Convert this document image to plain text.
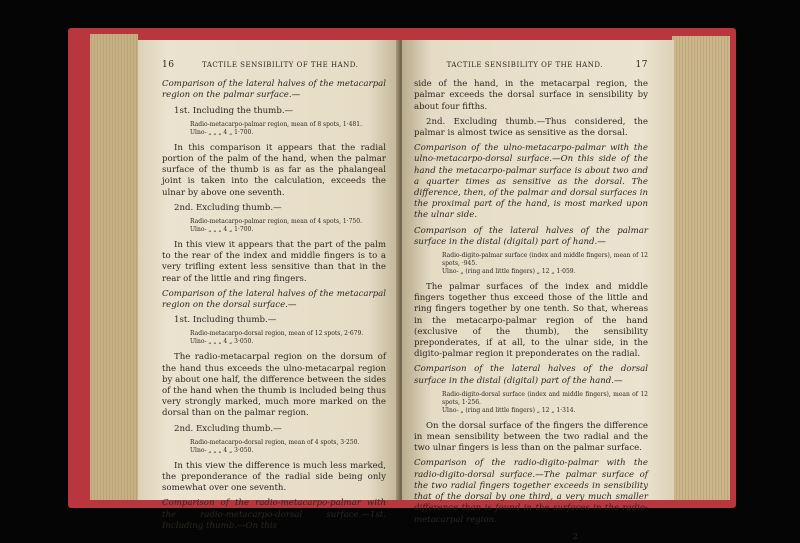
16	TACTILE SENSIBILITY OF THE HAND.

Comparison of the lateral halves of the metacarpal region on the palmar surface.—

1st. Including the thumb.—

Radio-metacarpo-palmar region, mean of 8 spots, 1·481.
Ulno- „ „ „ 4 „ 1·700.

In this comparison it appears that the radial portion of the palm of the hand, when the palmar surface of the thumb is as far as the phalangeal joint is taken into the calculation, exceeds the ulnar by above one seventh.

2nd. Excluding thumb.—

Radio-metacarpo-palmar region, mean of 4 spots, 1·750.
Ulno- „ „ „ 4 „ 1·700.

In this view it appears that the part of the palm to the rear of the index and middle fingers is to a very trifling extent less sensitive than that in the rear of the little and ring fingers.

Comparison of the lateral halves of the metacarpal region on the dorsal surface.—

1st. Including thumb.—

Radio-metacarpo-dorsal region, mean of 12 spots, 2·679.
Ulno- „ „ „ 4 „ 3·050.

The radio-metacarpal region on the dorsum of the hand thus exceeds the ulno-metacarpal region by about one half, the difference between the sides of the hand when the thumb is included being thus very strongly marked, much more marked on the dorsal than on the palmar region.

2nd. Excluding thumb.—

Radio-metacarpo-dorsal region, mean of 4 spots, 3·250.
Ulno- „ „ „ 4 „ 3·050.

In this view the difference is much less marked, the preponderance of the radial side being only somewhat over one seventh.

Comparison of the radio-metacarpo-palmar with the radio-metacarpo-dorsal surface.—1st. Including thumb.—On this

TACTILE SENSIBILITY OF THE HAND.	17

side of the hand, in the metacarpal region, the palmar exceeds the dorsal surface in sensibility by about four fifths.

2nd. Excluding thumb.—Thus considered, the palmar is almost twice as sensitive as the dorsal.

Comparison of the ulno-metacarpo-palmar with the ulno-metacarpo-dorsal surface.—On this side of the hand the metacarpo-palmar surface is about two and a quarter times as sensitive as the dorsal. The difference, then, of the palmar and dorsal surfaces in the proximal part of the hand, is most marked upon the ulnar side.

Comparison of the lateral halves of the palmar surface in the distal (digital) part of hand.—

Radio-digito-palmar surface (index and middle fingers), mean of 12 spots, ·945.
Ulno- „ (ring and little fingers) „ 12 „ 1·059.

The palmar surfaces of the index and middle fingers together thus exceed those of the little and ring fingers together by one tenth. So that, whereas in the metacarpo-palmar region of the hand (exclusive of the thumb), the sensibility preponderates, if at all, to the ulnar side, in the digito-palmar region it preponderates on the radial.

Comparison of the lateral halves of the dorsal surface in the distal (digital) part of the hand.—

Radio-digito-dorsal surface (index and middle fingers), mean of 12 spots, 1·256.
Ulno- „ (ring and little fingers) „ 12 „ 1·314.

On the dorsal surface of the fingers the difference in mean sensibility between the two radial and the two ulnar fingers is less than on the palmar surface.

Comparison of the radio-digito-palmar with the radio-digito-dorsal surface.—The palmar surface of the two radial fingers together exceeds in sensibility that of the dorsal by one third, a very much smaller difference than is found in the surfaces in the radio-metacarpal region.

2
